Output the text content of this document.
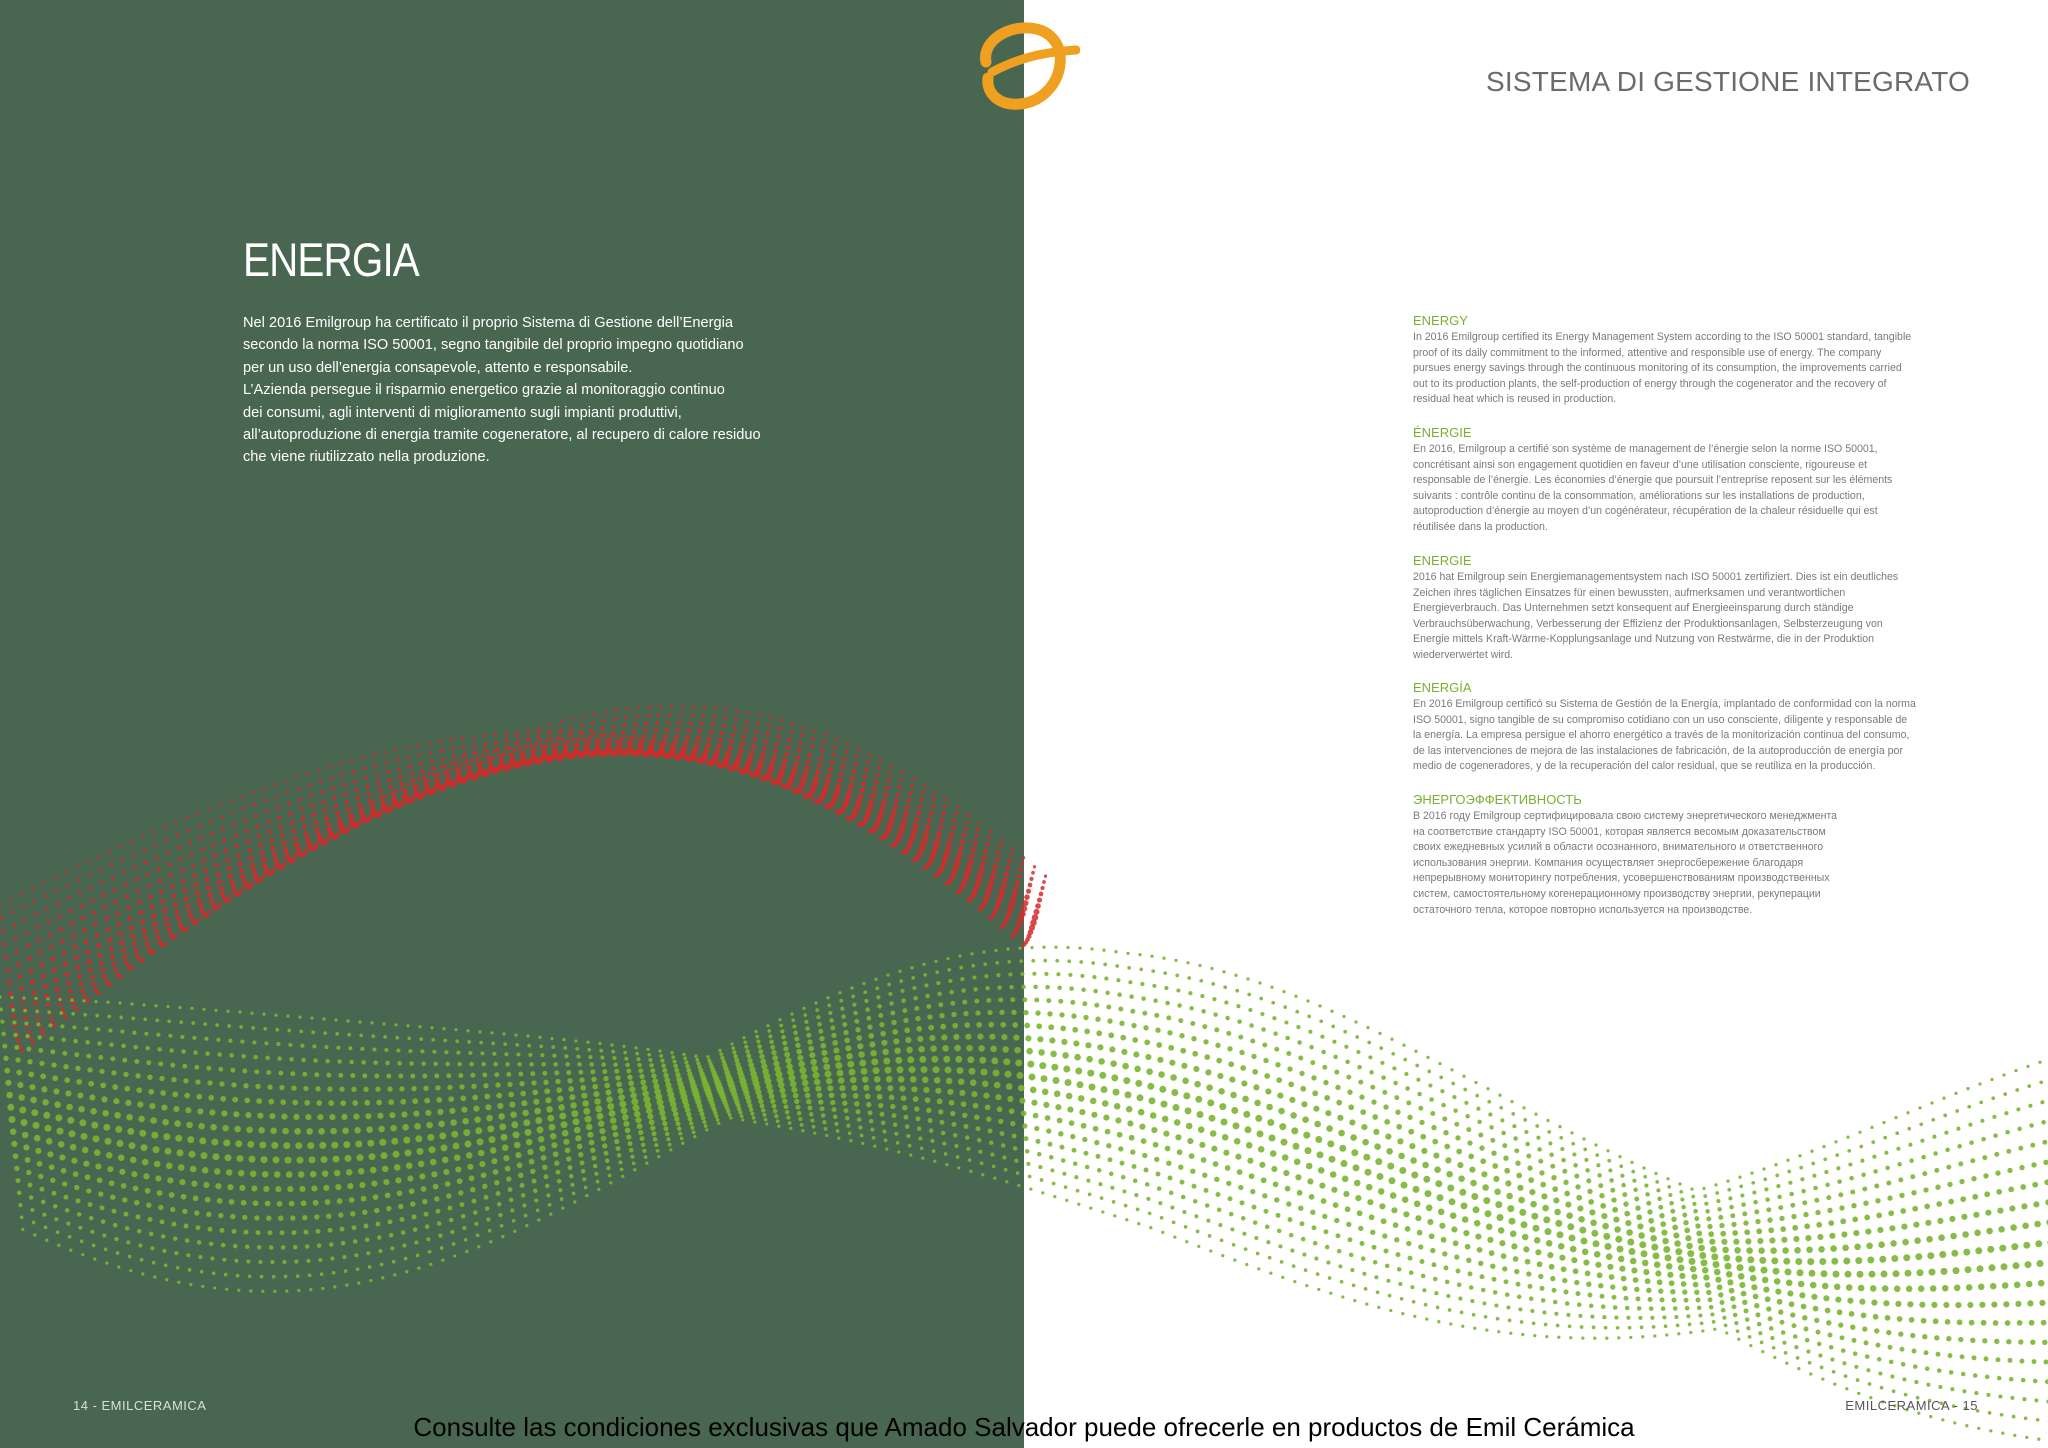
SISTEMA DI GESTIONE INTEGRATO
ENERGIA

Nel 2016 Emilgroup ha certificato il proprio Sistema di Gestione dell’Energia

secondo la norma ISO 50001, segno tangibile del proprio impegno quotidiano

per un uso dell’energia consapevole, attento e responsabile.

L’Azienda persegue il risparmio energetico grazie al monitoraggio continuo

dei consumi, agli interventi di miglioramento sugli impianti produttivi,

all’autoproduzione di energia tramite cogeneratore, al recupero di calore residuo

che viene riutilizzato nella produzione.

ENERGY

In 2016 Emilgroup certified its Energy Management System according to the ISO 50001 standard, tangible

proof of its daily commitment to the informed, attentive and responsible use of energy. The company

pursues energy savings through the continuous monitoring of its consumption, the improvements carried

out to its production plants, the self-production of energy through the cogenerator and the recovery of

residual heat which is reused in production.

ÉNERGIE

En 2016, Emilgroup a certifié son système de management de l’énergie selon la norme ISO 50001,

concrétisant ainsi son engagement quotidien en faveur d’une utilisation consciente, rigoureuse et

responsable de l’énergie. Les économies d’énergie que poursuit l’entreprise reposent sur les éléments

suivants : contrôle continu de la consommation, améliorations sur les installations de production,

autoproduction d’énergie au moyen d’un cogénérateur, récupération de la chaleur résiduelle qui est

réutilisée dans la production.

ENERGIE

2016 hat Emilgroup sein Energiemanagementsystem nach ISO 50001 zertifiziert. Dies ist ein deutliches

Zeichen ihres täglichen Einsatzes für einen bewussten, aufmerksamen und verantwortlichen

Energieverbrauch. Das Unternehmen setzt konsequent auf Energieeinsparung durch ständige

Verbrauchsüberwachung, Verbesserung der Effizienz der Produktionsanlagen, Selbsterzeugung von

Energie mittels Kraft-Wärme-Kopplungsanlage und Nutzung von Restwärme, die in der Produktion

wiederverwertet wird.

ENERGÍA

En 2016 Emilgroup certificó su Sistema de Gestión de la Energía, implantado de conformidad con la norma

ISO 50001, signo tangible de su compromiso cotidiano con un uso consciente, diligente y responsable de

la energía. La empresa persigue el ahorro energético a través de la monitorización continua del consumo,

de las intervenciones de mejora de las instalaciones de fabricación, de la autoproducción de energía por

medio de cogeneradores, y de la recuperación del calor residual, que se reutiliza en la producción.

ЭНЕРГОЭФФЕКТИВНОСТЬ

В 2016 году Emilgroup сертифицировала свою систему энергетического менеджмента

на соответствие стандарту ISO 50001, которая является весомым доказательством

своих ежедневных усилий в области осознанного, внимательного и ответственного

использования энергии. Компания осуществляет энергосбережение благодаря

непрерывному мониторингу потребления, усовершенствованиям производственных

систем, самостоятельному когенерационному производству энергии, рекуперации

остаточного тепла, которое повторно используется на производстве.

14 - EMILCERAMICA	EMILCERAMICA - 15
Consulte las condiciones exclusivas que Amado Salvador puede ofrecerle en productos de Emil Cerámica
